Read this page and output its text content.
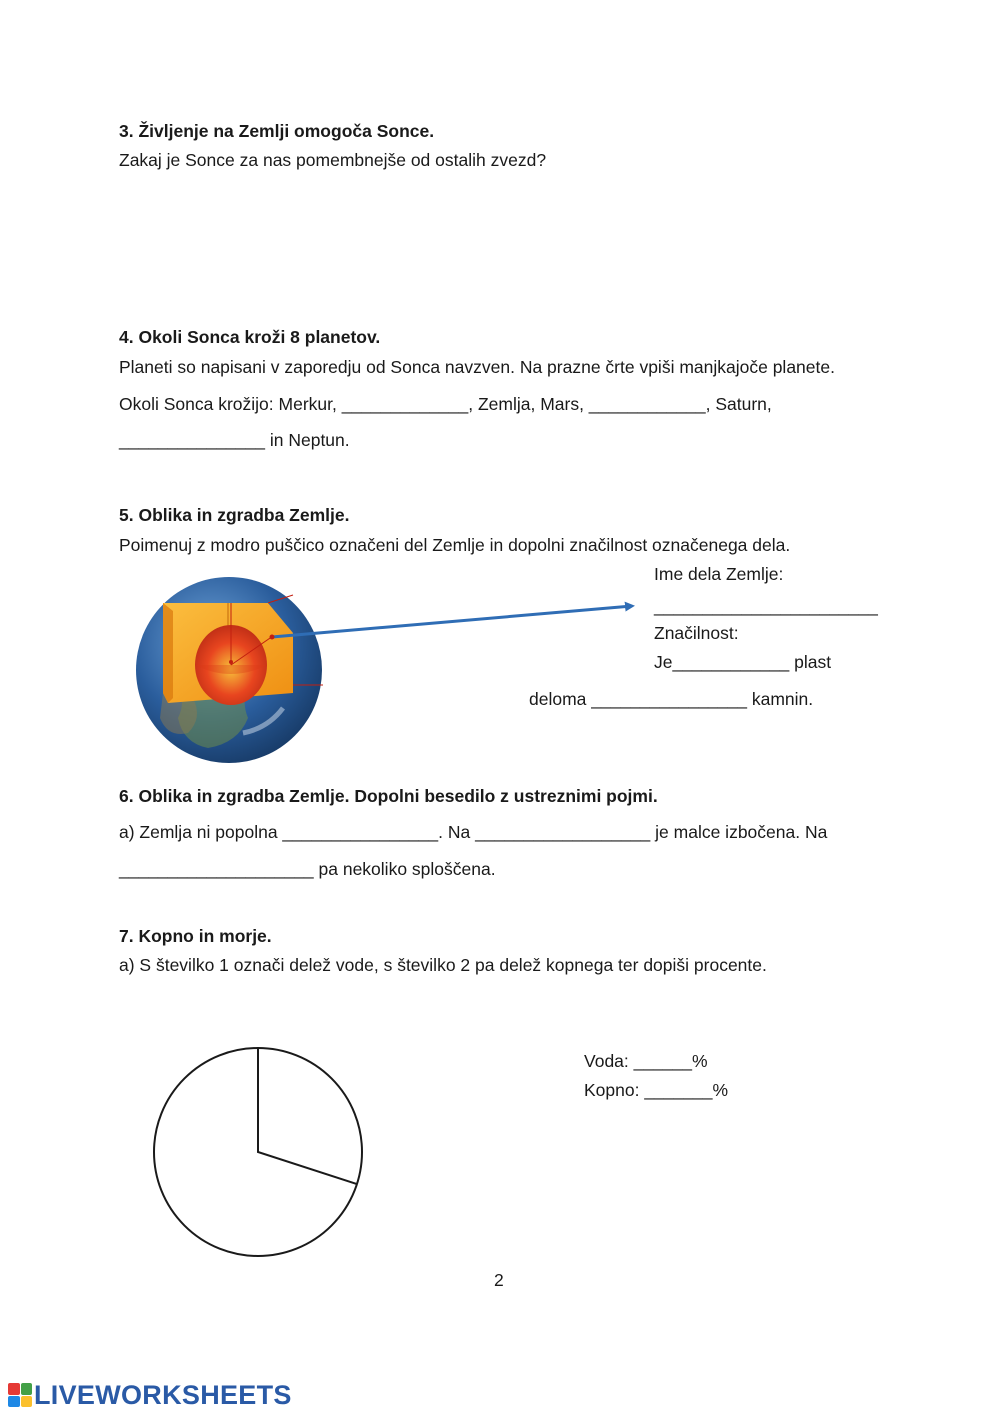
3. Življenje na Zemlji omogoča Sonce.
Zakaj je Sonce za nas pomembnejše od ostalih zvezd?
4. Okoli Sonca kroži 8 planetov.
Planeti so napisani v zaporedju od Sonca navzven. Na prazne črte vpiši manjkajoče planete.
Okoli Sonca krožijo: Merkur, _____________, Zemlja, Mars, ____________, Saturn,
_______________ in Neptun.
5. Oblika in zgradba Zemlje.
Poimenuj z modro puščico označeni del Zemlje in dopolni značilnost označenega dela.
Ime dela Zemlje:
_______________________
Značilnost:
Je____________ plast
deloma ________________ kamnin.
6. Oblika in zgradba Zemlje. Dopolni besedilo z ustreznimi pojmi.
a) Zemlja ni popolna ________________. Na __________________ je malce izbočena. Na
____________________ pa nekoliko sploščena.
7. Kopno in morje.
a) S številko 1 označi delež vode, s številko 2 pa delež kopnega ter dopiši procente.
Voda: ______%
Kopno: _______%
2
LIVEWORKSHEETS
